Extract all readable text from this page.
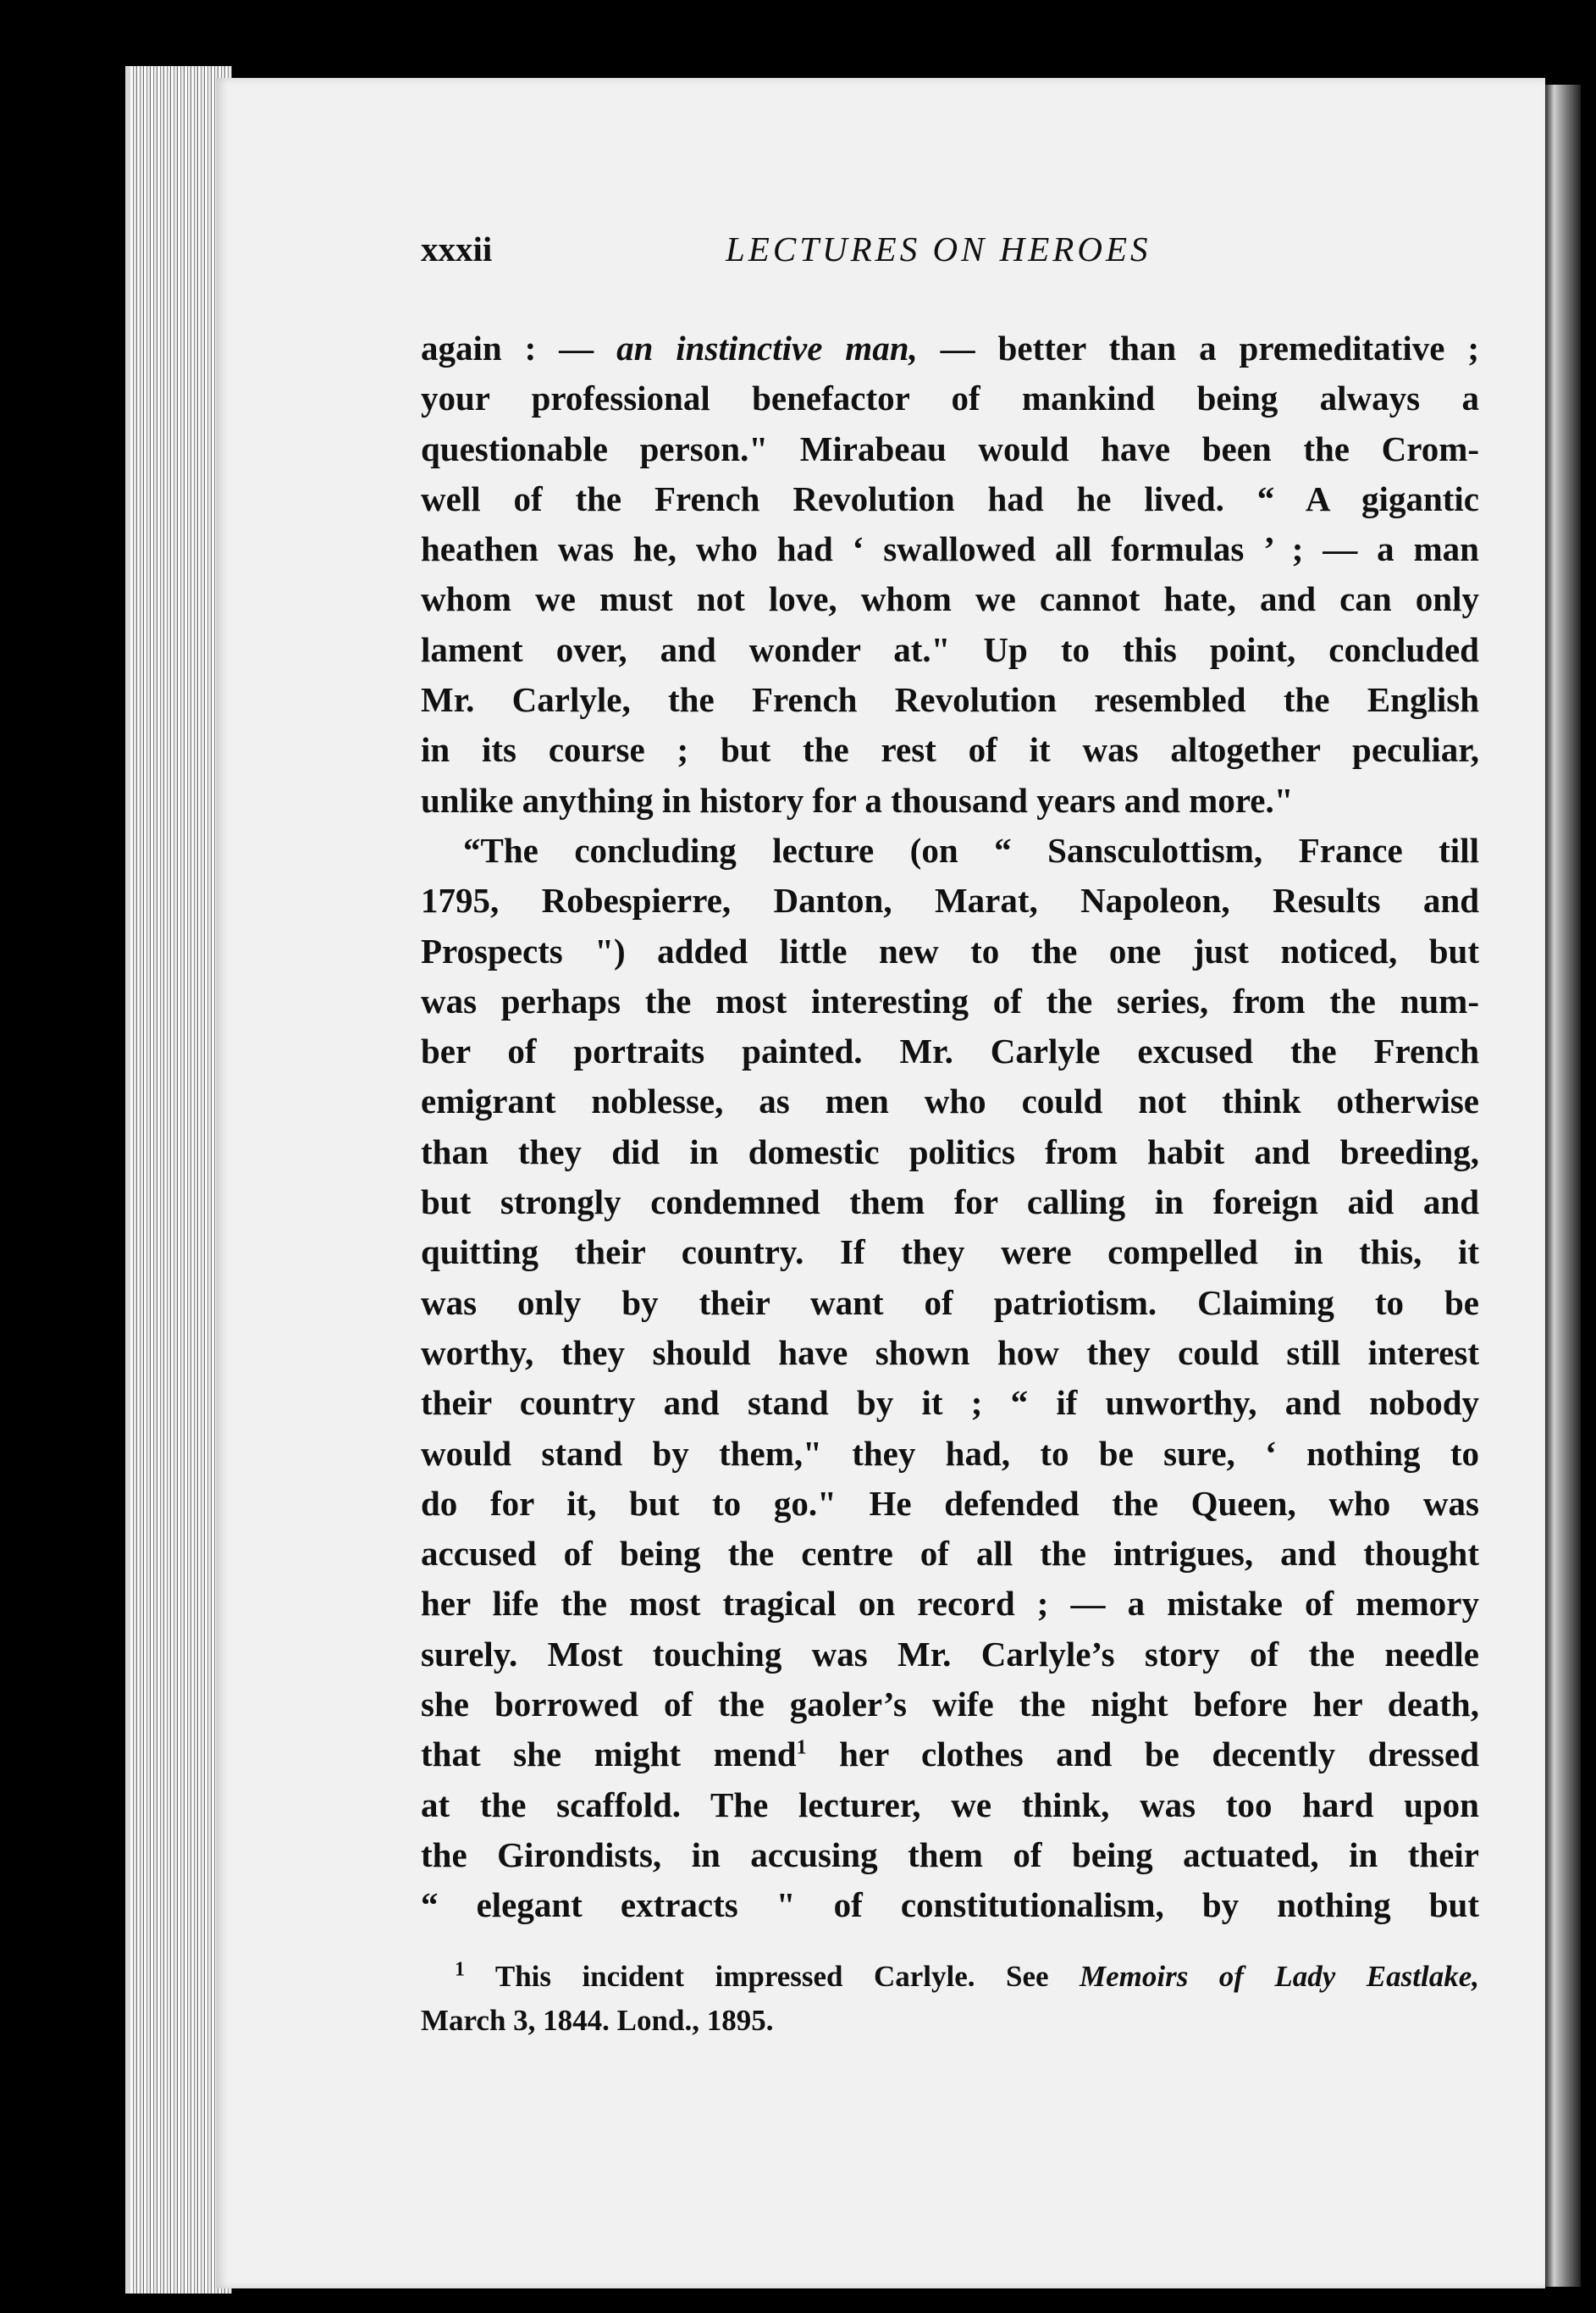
xxxii	LECTURES ON HEROES
again : — an instinctive man, — better than a premeditative ;
your professional benefactor of mankind being always a
questionable person." Mirabeau would have been the Crom-
well of the French Revolution had he lived. “ A gigantic
heathen was he, who had ‘ swallowed all formulas ’ ; — a man
whom we must not love, whom we cannot hate, and can only
lament over, and wonder at." Up to this point, concluded
Mr. Carlyle, the French Revolution resembled the English
in its course ; but the rest of it was altogether peculiar,
unlike anything in history for a thousand years and more."
“The concluding lecture (on “ Sansculottism, France till
1795, Robespierre, Danton, Marat, Napoleon, Results and
Prospects ") added little new to the one just noticed, but
was perhaps the most interesting of the series, from the num-
ber of portraits painted. Mr. Carlyle excused the French
emigrant noblesse, as men who could not think otherwise
than they did in domestic politics from habit and breeding,
but strongly condemned them for calling in foreign aid and
quitting their country. If they were compelled in this, it
was only by their want of patriotism. Claiming to be
worthy, they should have shown how they could still interest
their country and stand by it ; “ if unworthy, and nobody
would stand by them," they had, to be sure, ‘ nothing to
do for it, but to go." He defended the Queen, who was
accused of being the centre of all the intrigues, and thought
her life the most tragical on record ; — a mistake of memory
surely. Most touching was Mr. Carlyle’s story of the needle
she borrowed of the gaoler’s wife the night before her death,
that she might mend$^1$ her clothes and be decently dressed
at the scaffold. The lecturer, we think, was too hard upon
the Girondists, in accusing them of being actuated, in their
“ elegant extracts " of constitutionalism, by nothing but
$^1$ This incident impressed Carlyle. See Memoirs of Lady Eastlake,
March 3, 1844. Lond., 1895.
